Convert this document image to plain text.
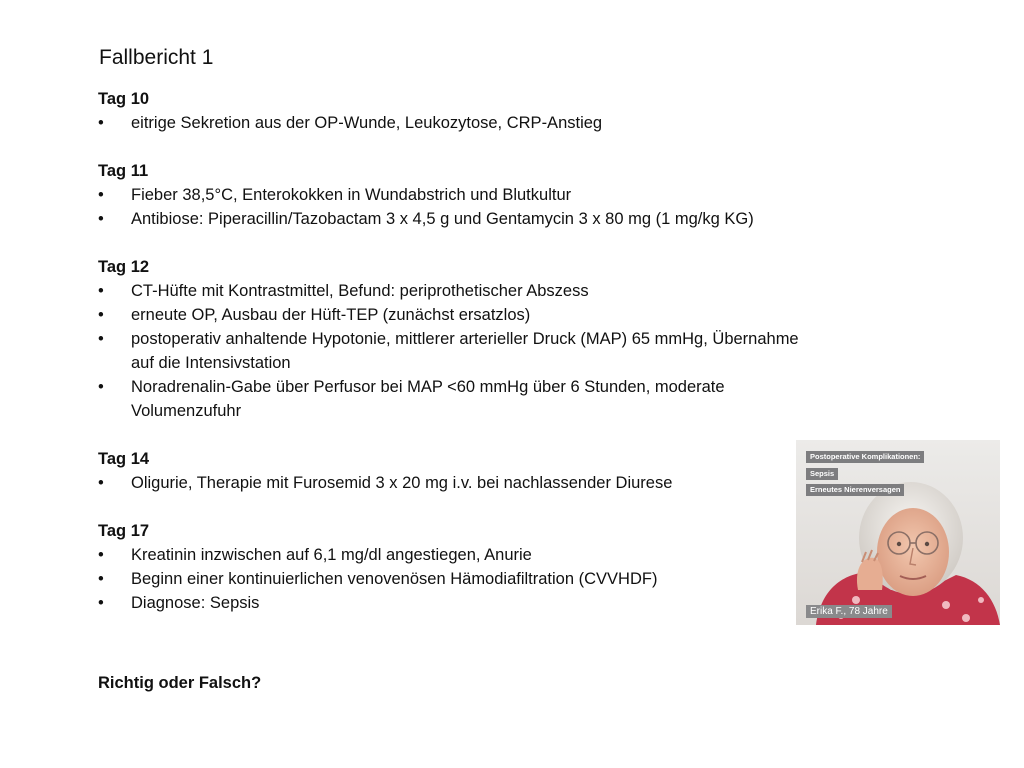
Fallbericht 1

Tag 10

•	eitrige Sekretion aus der OP-Wunde, Leukozytose, CRP-Anstieg

Tag 11

•	Fieber 38,5°C, Enterokokken in Wundabstrich und Blutkultur
•	Antibiose: Piperacillin/Tazobactam 3 x 4,5 g und Gentamycin 3 x 80 mg (1 mg/kg KG)

Tag 12

•	CT-Hüfte mit Kontrastmittel, Befund: periprothetischer Abszess
•	erneute OP, Ausbau der Hüft-TEP (zunächst ersatzlos)
•	postoperativ anhaltende Hypotonie, mittlerer arterieller Druck (MAP) 65 mmHg, Übernahme auf die Intensivstation
•	Noradrenalin-Gabe über Perfusor bei MAP <60 mmHg über 6 Stunden, moderate Volumenzufuhr

Tag 14

•	Oligurie, Therapie mit Furosemid 3 x 20 mg i.v. bei nachlassender Diurese

Tag 17

•	Kreatinin inzwischen auf 6,1 mg/dl angestiegen, Anurie
•	Beginn einer kontinuierlichen venovenösen Hämodiafiltration (CVVHDF)
•	Diagnose: Sepsis
Richtig oder Falsch?
Postoperative Komplikationen:
Sepsis
Erneutes Nierenversagen
Erika F., 78 Jahre
